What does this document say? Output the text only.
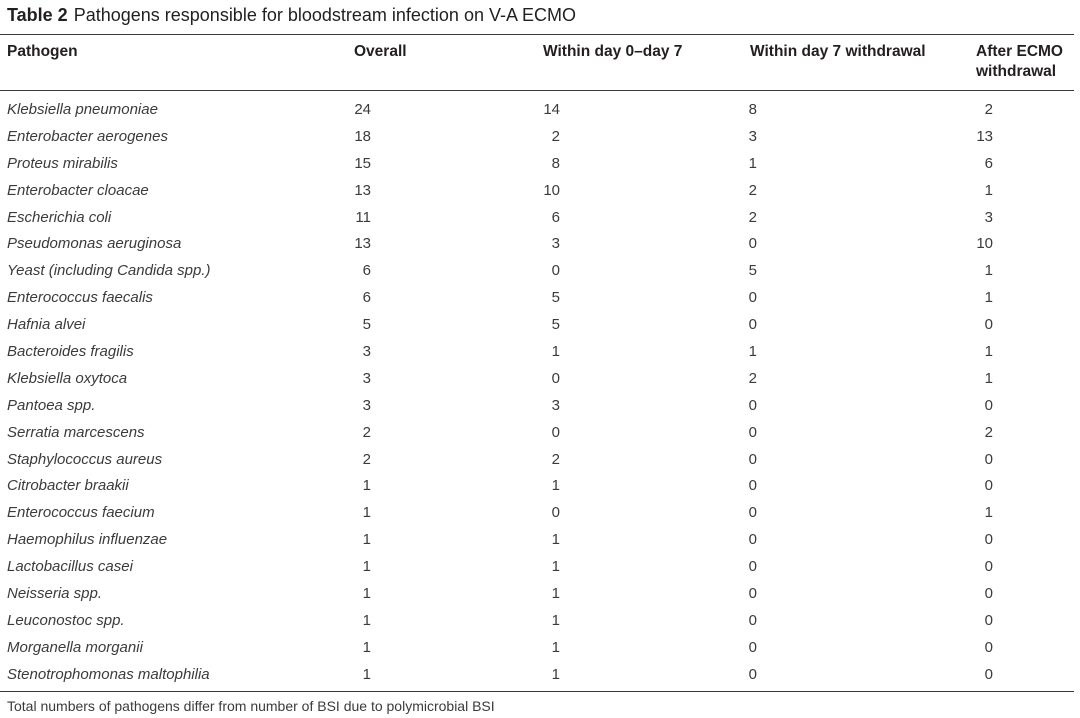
Table 2 Pathogens responsible for bloodstream infection on V-A ECMO
Pathogen	Overall	Within day 0–day 7	Within day 7 withdrawal	After ECMO withdrawal
Klebsiella pneumoniae	24	14	8	2
Enterobacter aerogenes	18	2	3	13
Proteus mirabilis	15	8	1	6
Enterobacter cloacae	13	10	2	1
Escherichia coli	11	6	2	3
Pseudomonas aeruginosa	13	3	0	10
Yeast (including Candida spp.)	6	0	5	1
Enterococcus faecalis	6	5	0	1
Hafnia alvei	5	5	0	0
Bacteroides fragilis	3	1	1	1
Klebsiella oxytoca	3	0	2	1
Pantoea spp.	3	3	0	0
Serratia marcescens	2	0	0	2
Staphylococcus aureus	2	2	0	0
Citrobacter braakii	1	1	0	0
Enterococcus faecium	1	0	0	1
Haemophilus influenzae	1	1	0	0
Lactobacillus casei	1	1	0	0
Neisseria spp.	1	1	0	0
Leuconostoc spp.	1	1	0	0
Morganella morganii	1	1	0	0
Stenotrophomonas maltophilia	1	1	0	0
Total numbers of pathogens differ from number of BSI due to polymicrobial BSI
